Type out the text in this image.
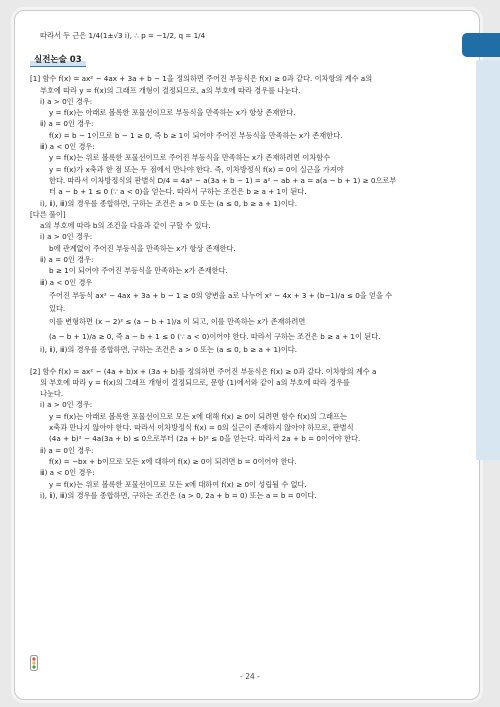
따라서 두 근은 1/4(1±√3 i), ∴ p = −1/2, q = 1/4
실전논술 03
[1] 함수 f(x) = ax² − 4ax + 3a + b − 1을 정의하면 주어진 부등식은 f(x) ≥ 0과 같다. 이차항의 계수 a의
부호에 따라 y = f(x)의 그래프 개형이 결정되므로, a의 부호에 따라 경우를 나눈다.
ⅰ) a > 0인 경우:
y = f(x)는 아래로 볼록한 포물선이므로 부등식을 만족하는 x가 항상 존재한다.
ⅱ) a = 0인 경우:
f(x) = b − 1이므로 b − 1 ≥ 0, 즉 b ≥ 1이 되어야 주어진 부등식을 만족하는 x가 존재한다.
ⅲ) a < 0인 경우:
y = f(x)는 위로 볼록한 포물선이므로 주어진 부등식을 만족하는 x가 존재하려면 이차함수
y = f(x)가 x축과 한 점 또는 두 점에서 만나야 한다. 즉, 이차방정식 f(x) = 0이 실근을 가져야
한다. 따라서 이차방정식의 판별식 D/4 = 4a² − a(3a + b − 1) = a² − ab + a = a(a − b + 1) ≥ 0으로부
터 a − b + 1 ≤ 0 (∵ a < 0)을 얻는다. 따라서 구하는 조건은 b ≥ a + 1이 된다.
ⅰ), ⅱ), ⅲ)의 경우를 종합하면, 구하는 조건은 a > 0 또는 (a ≤ 0, b ≥ a + 1)이다.
[다른 풀이]
a의 부호에 따라 b의 조건을 다음과 같이 구할 수 있다.
ⅰ) a > 0인 경우:
b에 관계없이 주어진 부등식을 만족하는 x가 항상 존재한다.
ⅱ) a = 0인 경우:
b ≥ 1이 되어야 주어진 부등식을 만족하는 x가 존재한다.
ⅲ) a < 0인 경우
주어진 부등식 ax² − 4ax + 3a + b − 1 ≥ 0의 양변을 a로 나누어 x² − 4x + 3 + (b−1)/a ≤ 0을 얻을 수
있다.
이를 변형하면 (x − 2)² ≤ (a − b + 1)/a 이 되고, 이를 만족하는 x가 존재하려면
(a − b + 1)/a ≥ 0, 즉 a − b + 1 ≤ 0 (∵ a < 0)이어야 한다. 따라서 구하는 조건은 b ≥ a + 1이 된다.
ⅰ), ⅱ), ⅲ)의 경우를 종합하면, 구하는 조건은 a > 0 또는 (a ≤ 0, b ≥ a + 1)이다.
[2] 함수 f(x) = ax² − (4a + b)x + (3a + b)를 정의하면 주어진 부등식은 f(x) ≥ 0과 같다. 이차항의 계수 a
의 부호에 따라 y = f(x)의 그래프 개형이 결정되므로, 문항 (1)에서와 같이 a의 부호에 따라 경우를
나눈다.
ⅰ) a > 0인 경우:
y = f(x)는 아래로 볼록한 포물선이므로 모든 x에 대해 f(x) ≥ 0이 되려면 함수 f(x)의 그래프는
x축과 만나지 않아야 한다. 따라서 이차방정식 f(x) = 0의 실근이 존재하지 않아야 하므로, 판별식
(4a + b)² − 4a(3a + b) ≤ 0으로부터 (2a + b)² ≤ 0을 얻는다. 따라서 2a + b = 0이어야 한다.
ⅱ) a = 0인 경우:
f(x) = −bx + b이므로 모든 x에 대하여 f(x) ≥ 0이 되려면 b = 0이어야 한다.
ⅲ) a < 0인 경우:
y = f(x)는 위로 볼록한 포물선이므로 모든 x에 대하여 f(x) ≥ 0이 성립될 수 없다.
ⅰ), ⅱ), ⅲ)의 경우를 종합하면, 구하는 조건은 (a > 0, 2a + b = 0) 또는 a = b = 0이다.
- 24 -
